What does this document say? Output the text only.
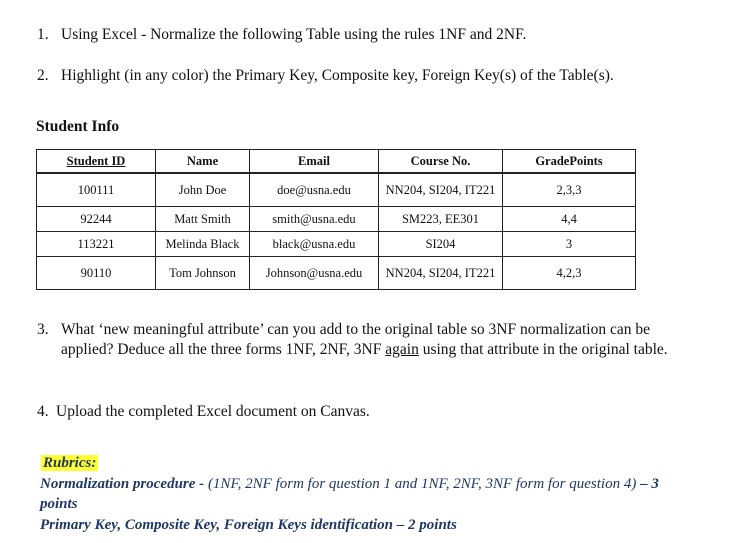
1. Using Excel - Normalize the following Table using the rules 1NF and 2NF.
2. Highlight (in any color) the Primary Key, Composite key, Foreign Key(s) of the Table(s).
Student Info
Student ID	Name	Email	Course No.	GradePoints
100111	John Doe	doe@usna.edu	NN204, SI204, IT221	2,3,3
92244	Matt Smith	smith@usna.edu	SM223, EE301	4,4
113221	Melinda Black	black@usna.edu	SI204	3
90110	Tom Johnson	Johnson@usna.edu	NN204, SI204, IT221	4,2,3
3. What ‘new meaningful attribute’ can you add to the original table so 3NF normalization can be applied? Deduce all the three forms 1NF, 2NF, 3NF again using that attribute in the original table.
4. Upload the completed Excel document on Canvas.
Rubrics:
Normalization procedure - (1NF, 2NF form for question 1 and 1NF, 2NF, 3NF form for question 4) – 3 points
Primary Key, Composite Key, Foreign Keys identification – 2 points
